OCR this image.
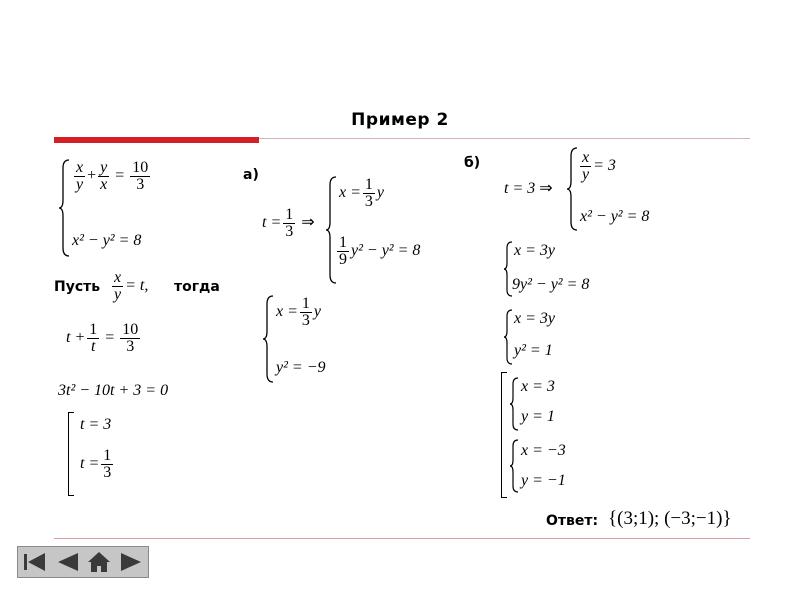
Пример 2
$\frac{x}{y} + \frac{y}{x} = \frac{10}{3}$
x² − y² = 8
Пусть $\frac{x}{y} = t$, тогда
$t + \frac{1}{t} = \frac{10}{3}$
3t² − 10t + 3 = 0
t = 3
$t = \frac{1}{3}$
а)
$t = \frac{1}{3}$ ⇒
$x = \frac{1}{3}$ y
$\frac{1}{9} y^2 - y^2 = 8$
$x = \frac{1}{3}$ y
y² = −9
б)
t = 3 ⇒
$\frac{x}{y} = 3$
x² − y² = 8
x = 3y
9y² − y² = 8
x = 3y
y² = 1
x = 3
y = 1
x = −3
y = −1
Ответ: {(3;1); (−3;−1)}
